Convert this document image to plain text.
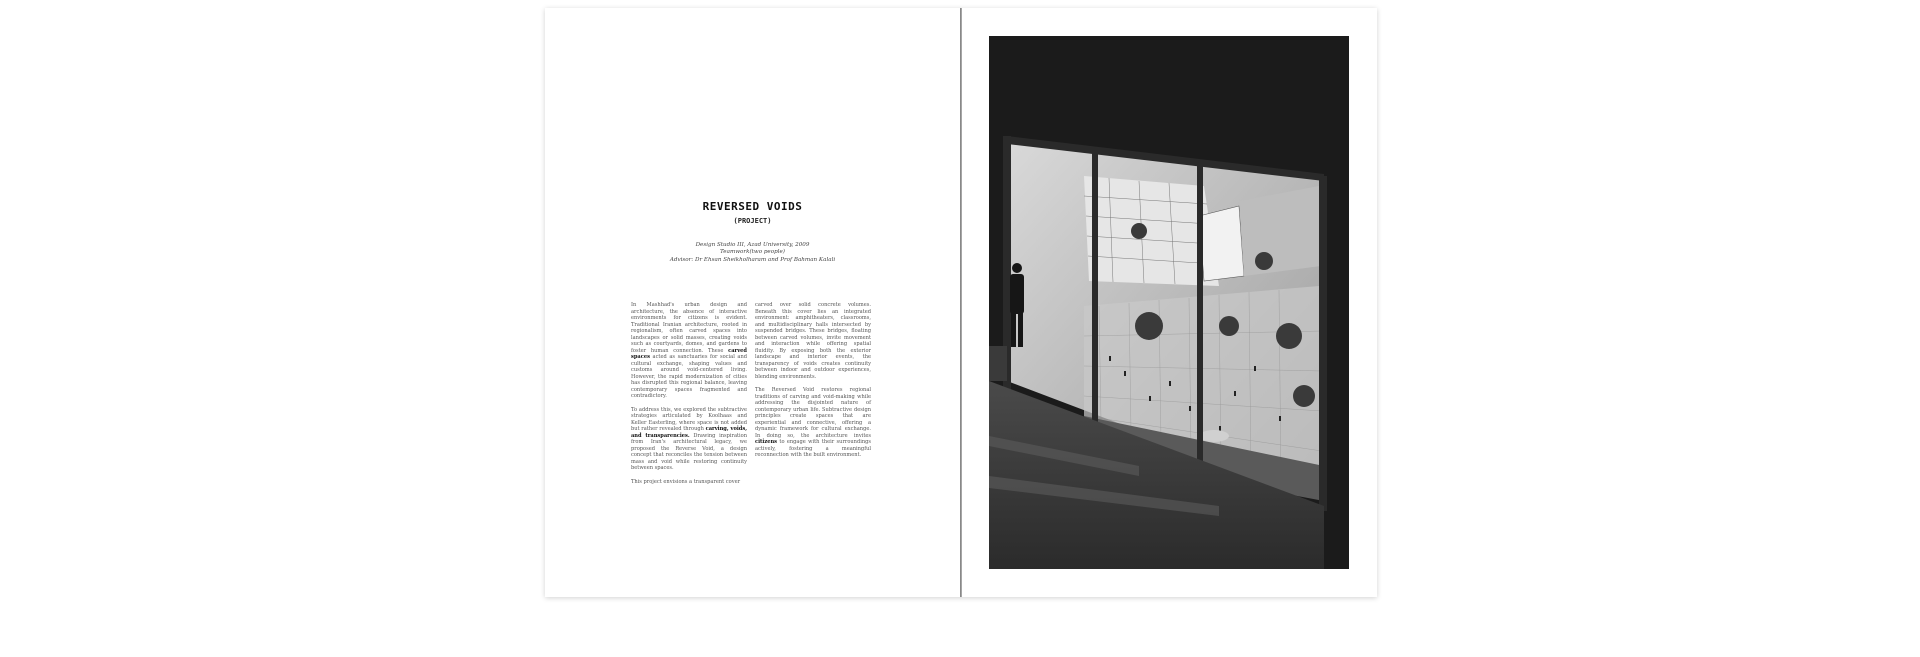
REVERSED VOIDS
(PROJECT)
Design Studio III, Azad University, 2009
Teamwork(two people)
Advisor: Dr Ehsan Sheikholharam and Prof Bahman Kalali

In Mashhad's urban design and architecture, the absence of interactive environments for citizens is evident. Traditional Iranian architecture, rooted in regionalism, often carved spaces into landscapes or solid masses, creating voids such as courtyards, domes, and gardens to foster human connection. These carved spaces acted as sanctuaries for social and cultural exchange, shaping values and customs around void-centered living. However, the rapid modernization of cities has disrupted this regional balance, leaving contemporary spaces fragmented and contradictory.

To address this, we explored the subtractive strategies articulated by Koolhaas and Keller Easterling, where space is not added but rather revealed through carving, voids, and transparencies. Drawing inspiration from Iran's architectural legacy, we proposed the Reverse Void, a design concept that reconciles the tension between mass and void while restoring continuity between spaces.

This project envisions a transparent cover

carved over solid concrete volumes. Beneath this cover lies an integrated environment: amphitheaters, classrooms, and multidisciplinary halls intersected by suspended bridges. These bridges, floating between carved volumes, invite movement and interaction while offering spatial fluidity. By exposing both the exterior landscape and interior events, the transparency of voids creates continuity between indoor and outdoor experiences, blending environments.

The Reversed Void restores regional traditions of carving and void-making while addressing the disjointed nature of contemporary urban life. Subtractive design principles create spaces that are experiential and connective, offering a dynamic framework for cultural exchange. In doing so, the architecture invites citizens to engage with their surroundings actively, fostering a meaningful reconnection with the built environment.
